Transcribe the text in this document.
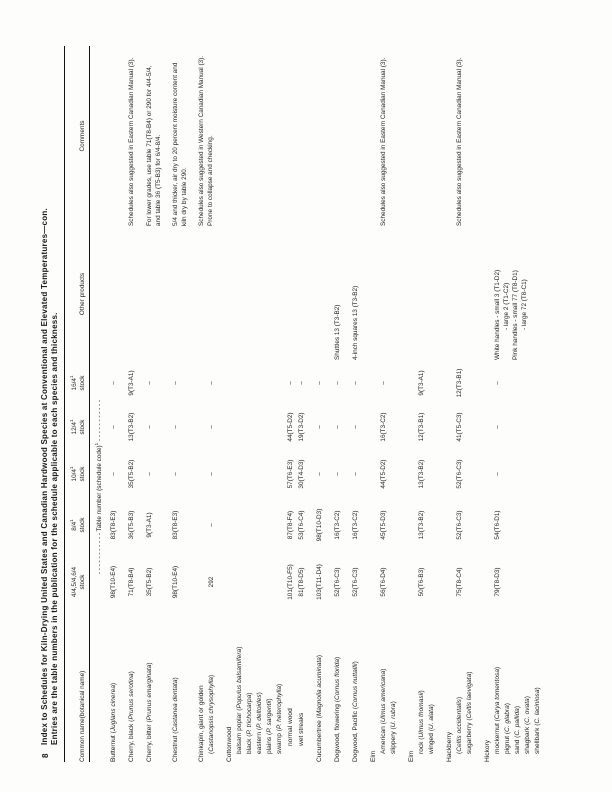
8
Index to Schedules for Kiln-Drying United States and Canadian Hardwood Species at Conventional and Elevated Temperatures—con. Entries are the table numbers in the publication for the schedule applicable to each species and thickness.	Common name(botanical name)
4/4,5/4,6/4 stock
$8/4^1$ stock
$10/4^1$ stock
$12/4^1$ stock
$16/4^1$ stock
Other products
Comments
- - - - - - - - - - - Table number (schedule code)$^1$ - - - - - - - - - - -
Butternut (Juglans cinerea)
98(T10-E4)
83(T8-E3)
–
–
–
Cherry, black (Prunus serotina)
71(T8-B4)
36(T5-B3)
35(T5-B2)
13(T3-B2)
9(T3-A1)
Schedules also suggested in Eastern Canadian Manual (3).
Cherry, bitter (Prunus emarginata)
35(T5-B2)
9(T3-A1)
–
–
–
For lower grades, use table 71(T8-B4) or 290 for 4/4-5/4, and table 36 (T5-B3) for 6/4-8/4.
Chestnut (Castanea dentata)
98(T10-E4)
83(T8-E3)
–
–
–
5/4 and thicker, air dry to 20 percent moisture content and kiln dry by table 290.
Chinkapin, giant or golden (Castanopsis chrysophylla)
292
–
–
–
–
Schedules also suggested in Western Canadian Manual (3). Prone to collapse and checking.
Cottonwood balsam poplar (Populus balsamifera)
black (P. trichocarpa)
eastern (P. deltoides)
plains (P. sargentii)
swamp (P. heterophylla)
normal wood
101(T10-F5)
87(T8-F4)
57(T6-E3)
44(T5-D2)
–
wet streaks
81(T8-D5)
53(T6-C4)
30(T4-D3)
19(T3-D2)
–
Cucumbertree (Magnolia acuminata)
103(T11-D4)
98(T10-D3)
–
–
–
Dogwood, flowering (Cornus florida)
52(T6-C3)
16(T3-C2)
–
–
–
Shuttles 13 (T3-B2)
Dogwood, Pacific (Cornus nuttallii)
52(T6-C3)
16(T3-C2)
–
–
–
4-inch squares 13 (T3-B2)
Elm
American (Ulmus americana)
slippery (U. rubra)
56(T6-D4)
45(T5-D3)
44(T5-D2)
16(T3-C2)
–
Schedules also suggested in Eastern Canadian Manual (3).
Elm
rock (Ulmus thomasii)
winged (U. alata)
50(T6-B3)
13(T3-B2)
13(T3-B2)
12(T3-B1)
9(T3-A1)
Hackberry (Celtis occidentalis)
sugarberry (Celtis laevigata)
75(T8-C4)
52(T6-C3)
52(T6-C3)
41(T5-C3)
12(T3-B1)
Schedules also suggested in Eastern Canadian Manual (3).
Hickory mockernut (Carya tomentosa)
pignut (C. glabra)
sand (C. pallida)
shagbark (C. ovata)
shellbark (C. laciniosa)
79(T8-D3)
54(T6-D1)
–
–
–
White handles - small 3 (T1-D2) - large 2 (T1-C2) Pink handles - small 77 (T8-D1) - large 72 (T8-C1)
